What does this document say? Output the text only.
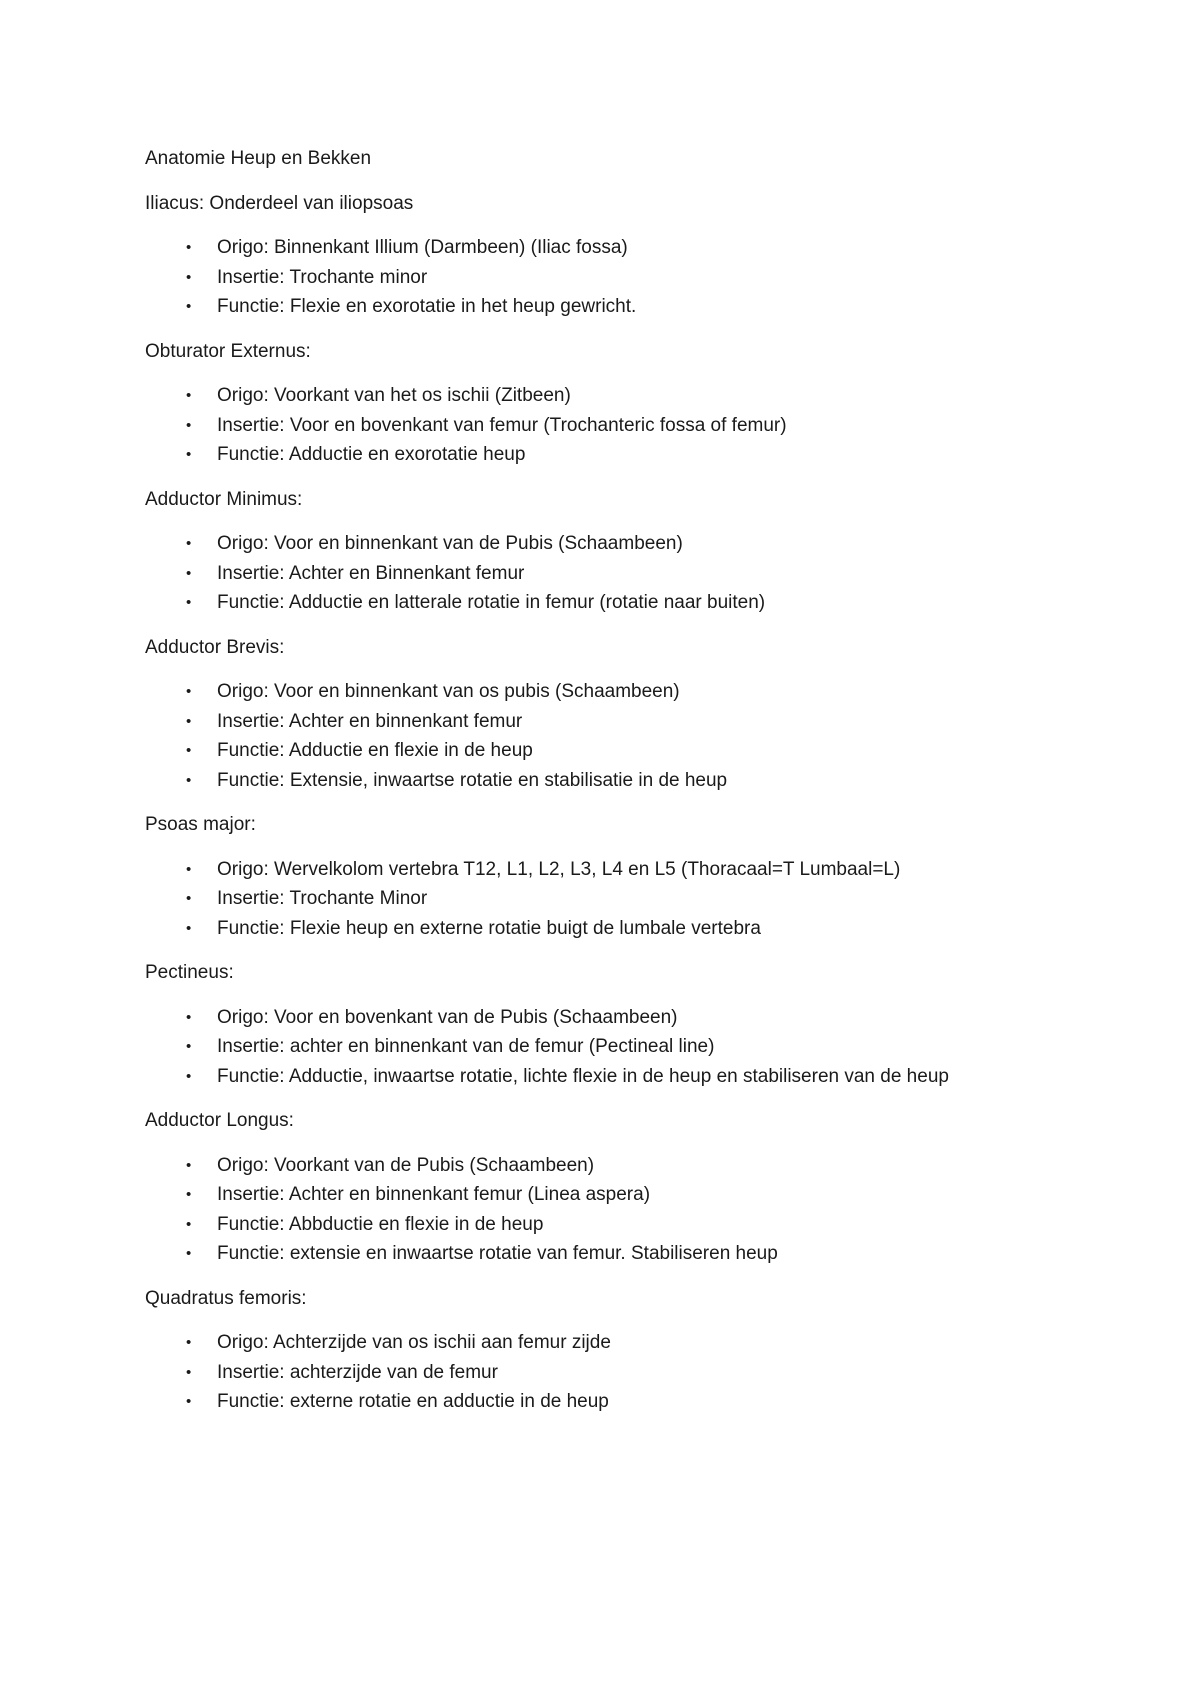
Anatomie Heup en Bekken

Iliacus: Onderdeel van iliopsoas

• Origo: Binnenkant Illium (Darmbeen) (Iliac fossa)
• Insertie: Trochante minor
• Functie: Flexie en exorotatie in het heup gewricht.

Obturator Externus:

• Origo: Voorkant van het os ischii (Zitbeen)
• Insertie: Voor en bovenkant van femur (Trochanteric fossa of femur)
• Functie: Adductie en exorotatie heup

Adductor Minimus:

• Origo: Voor en binnenkant van de Pubis (Schaambeen)
• Insertie: Achter en Binnenkant femur
• Functie: Adductie en latterale rotatie in femur (rotatie naar buiten)

Adductor Brevis:

• Origo: Voor en binnenkant van os pubis (Schaambeen)
• Insertie: Achter en binnenkant femur
• Functie: Adductie en flexie in de heup
• Functie: Extensie, inwaartse rotatie en stabilisatie in de heup

Psoas major:

• Origo: Wervelkolom vertebra T12, L1, L2, L3, L4 en L5 (Thoracaal=T Lumbaal=L)
• Insertie: Trochante Minor
• Functie: Flexie heup en externe rotatie buigt de lumbale vertebra

Pectineus:

• Origo: Voor en bovenkant van de Pubis (Schaambeen)
• Insertie: achter en binnenkant van de femur (Pectineal line)
• Functie: Adductie, inwaartse rotatie, lichte flexie in de heup en stabiliseren van de heup

Adductor Longus:

• Origo: Voorkant van de Pubis (Schaambeen)
• Insertie: Achter en binnenkant femur (Linea aspera)
• Functie: Abbductie en flexie in de heup
• Functie: extensie en inwaartse rotatie van femur. Stabiliseren heup

Quadratus femoris:

• Origo: Achterzijde van os ischii aan femur zijde
• Insertie: achterzijde van de femur
• Functie: externe rotatie en adductie in de heup
